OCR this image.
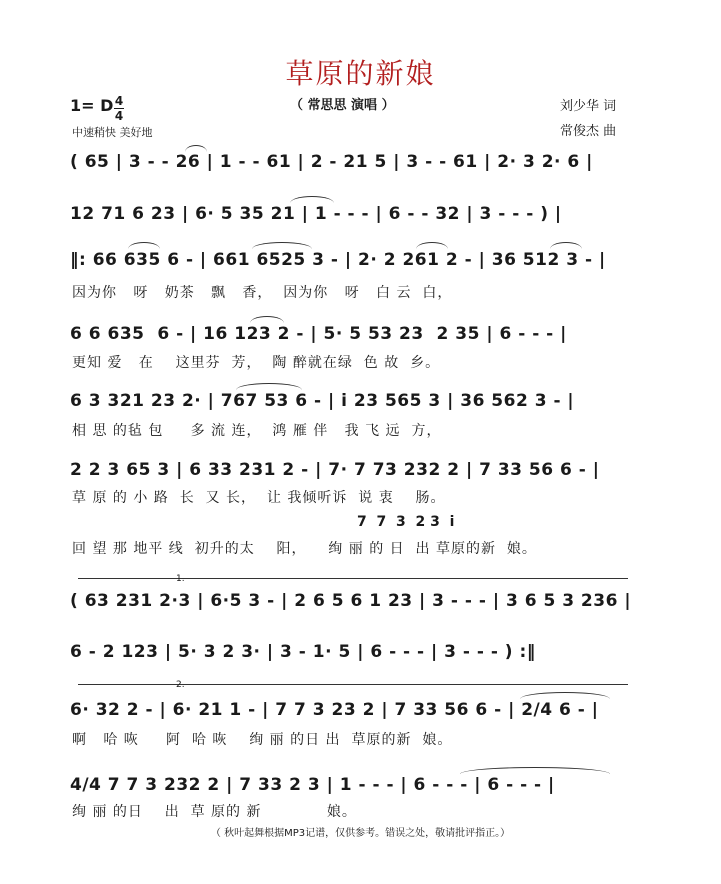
草原的新娘
1= D 4
4
中速稍快 美好地
（ 常思思 演唱 ）	刘少华 词
常俊杰 曲
( 65 | 3 - - 26 | 1 - - 61 | 2 - 21 5 | 3 - - 61 | 2· 3 2· 6 |
12 71 6 23 | 6· 5 35 21 | 1 - - - | 6 - - 32 | 3 - - - ) |
‖: 66 635 6 - | 661 6525 3 - | 2· 2 261 2 - | 36 512 3 - |
因为你   呀   奶茶   飘   香，  因为你   呀   白 云  白，
6 6 635  6 - | 16 123 2 - | 5· 5 53 23  2 35 | 6 - - - |
更知 爱   在    这里芬  芳，  陶 醉就在绿  色 故  乡。
6 3 321 23 2· | 767 53 6 - | i 23 565 3 | 36 562 3 - |
相 思 的毡 包     多 流 连，  鸿 雁 伴   我 飞 远  方，
2 2 3 65 3 | 6 33 231 2 - | 7· 7 73 232 2 | 7 33 56 6 - |
草 原 的 小 路  长  又 长，  让 我倾听诉  说 衷    肠。
7  7  3  2 3  i
回 望 那 地平 线  初升的太    阳，    绚 丽 的 日  出 草原的新  娘。
1.
( 63 231 2·3 | 6·5 3 - | 2 6 5 6 1 23 | 3 - - - | 3 6 5 3 236 |
6 - 2 123 | 5· 3 2 3· | 3 - 1· 5 | 6 - - - | 3 - - - ) :‖
2.
6· 32 2 - | 6· 21 1 - | 7 7 3 23 2 | 7 33 56 6 - | 2/4 6 - |
啊   哈 咴     阿  哈 咴    绚 丽 的日 出  草原的新  娘。
4/4 7 7 3 232 2 | 7 33 2 3 | 1 - - - | 6 - - - | 6 - - - |
绚 丽 的日    出  草 原的 新            娘。
（ 秋叶起舞根据MP3记谱，仅供参考。错误之处，敬请批评指正。）
